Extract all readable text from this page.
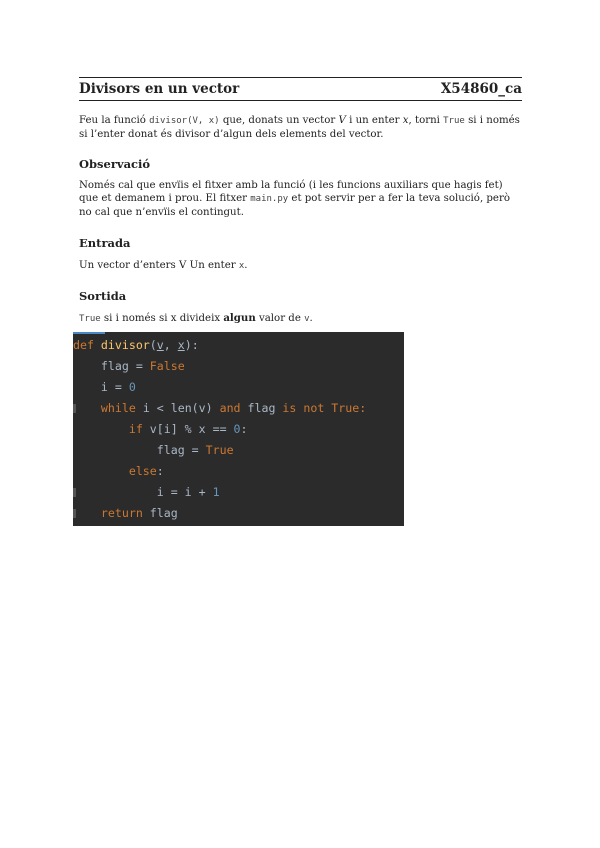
Divisors en un vector	X54860_ca

Feu la funció divisor(V, x) que, donats un vector V i un enter x, torni True si i només si l’enter donat és divisor d’algun dels elements del vector.

Observació

Només cal que envïis el fitxer amb la funció (i les funcions auxiliars que hagis fet) que et demanem i prou. El fitxer main.py et pot servir per a fer la teva solució, però no cal que n’envïis el contingut.

Entrada

Un vector d’enters V Un enter x.

Sortida

True si i només si x divideix algun valor de v.

def divisor(v, x):
flag = False
i = 0
while i < len(v) and flag is not True:
if v[i] % x == 0:
flag = True
else:
i = i + 1
return flag
